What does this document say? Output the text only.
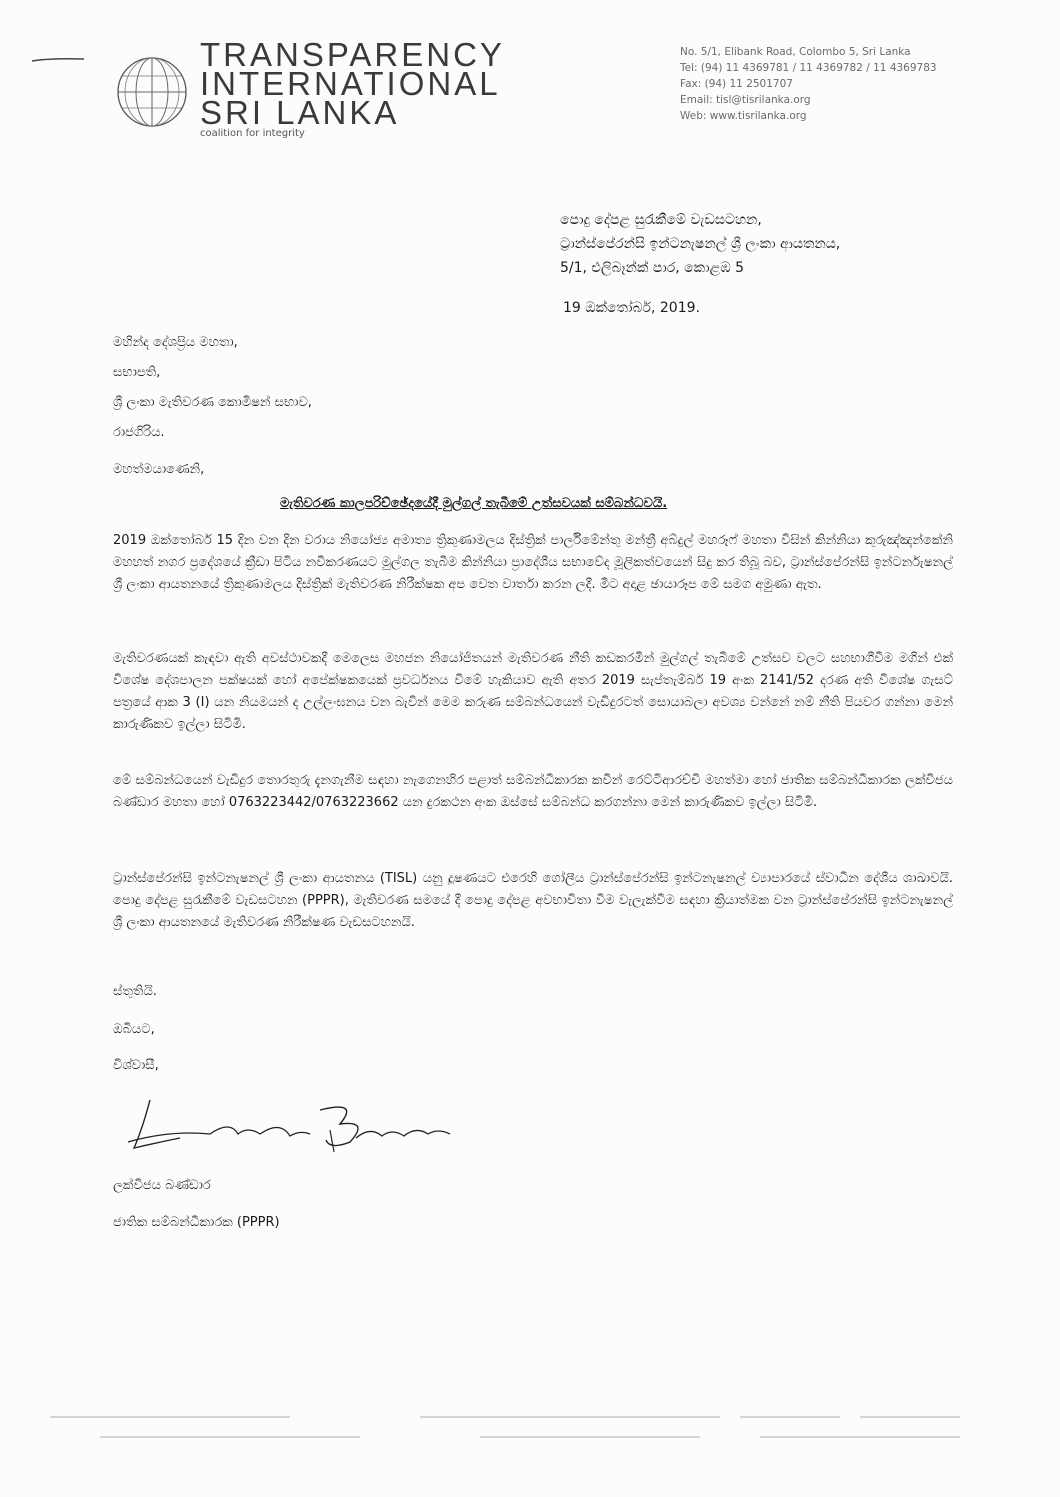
TRANSPARENCY
INTERNATIONAL
SRI LANKA
coalition for integrity
No. 5/1, Elibank Road, Colombo 5, Sri Lanka
Tel: (94) 11 4369781 / 11 4369782 / 11 4369783
Fax: (94) 11 2501707
Email: tisl@tisrilanka.org
Web: www.tisrilanka.org
පොදු දේපළ සුරැකීමේ වැඩසටහන,
ට්‍රාන්ස්පේරන්සි ඉන්ටනැෂනල් ශ්‍රී ලංකා ආයතනය,
5/1, එලිබෑන්ක් පාර, කොළඹ 5
19 ඔක්තෝබර්, 2019.
මහින්ද දේශප්‍රිය මහතා,
සභාපති,
ශ්‍රී ලංකා මැතිවරණ කොමිෂන් සභාව,
රාජගිරිය.
මහත්මයාණෙනි,
මැතිවරණ කාලපරිච්ඡේදයේදී මුල්ගල් තැබීමේ උත්සවයක් සම්බන්ධවයි.
2019 ඔක්තෝබර් 15 දින වන දින වරාය නියෝජ්‍ය අමාත්‍ය ත්‍රිකුණාමලය දිස්ත්‍රික් පාර්ලිමේන්තු මන්ත්‍රී අබ්දුල් මහරූෆ් මහතා විසින් කින්නියා කුරුඤ්ඤන්කේනි මහහත් නගර ප්‍රදේශයේ ක්‍රීඩා පිටිය නවීකරණයට මුල්ගල තැබීම කින්නියා ප්‍රාදේශීය සභාවේද මූලිකත්වයෙන් සිදු කර තිබූ බව, ට්‍රාන්ස්පේරන්සි ඉන්ටර්නැෂනල් ශ්‍රී ලංකා ආයතනයේ ත්‍රිකුණාමලය දිස්ත්‍රික් මැතිවරණ නිරීක්ෂක අප වෙත වාර්තා කරන ලදී. මීට අදාළ ඡායාරූප මේ සමග අමුණා ඇත.
මැතිවරණයක් කැඳවා ඇති අවස්ථාවකදී මෙලෙස මහජන නියෝජිතයන් මැතිවරණ නීති කඩකරමින් මුල්ගල් තැබීමේ උත්සව වලට සහභාගීවීම මගින් එක් විශේෂ දේශපාලන පක්ෂයක් හෝ අපේක්ෂකයෙක් ප්‍රවර්ධනය වීමේ හැකියාව ඇති අතර 2019 සැප්තැම්බර් 19 අංක 2141/52 දරණ අති විශේෂ ගැසට් පත්‍රයේ ආක 3 (I) යන නියමයන් ද උල්ලංඝනය වන බැවින් මෙම කරුණ සම්බන්ධයෙන් වැඩිදුරටත් සොයාබලා අවශ්‍ය වන්නේ නම් නීති පියවර ගන්නා මෙන් කාරුණිකව ඉල්ලා සිටිමි.
මේ සම්බන්ධයෙන් වැඩිදුර තොරතුරු දැනගැනීම සඳහා නැගෙනහිර පළාත් සම්බන්ධීකාරක කවීන් රෙට්ටිආරච්චි මහත්මා හෝ ජාතික සම්බන්ධීකාරක ලක්විජය බණ්ඩාර මහතා හෝ 0763223442/0763223662 යන දුරකථන අංක ඔස්සේ සම්බන්ධ කරගන්නා මෙන් කාරුණිකව ඉල්ලා සිටිමි.
ට්‍රාන්ස්පේරන්සි ඉන්ටනැෂනල් ශ්‍රී ලංකා ආයතනය (TISL) යනු දූෂණයට එරෙහි ගෝලීය ට්‍රාන්ස්පේරන්සි ඉන්ටනැෂනල් ව්‍යාපාරයේ ස්වාධීන දේශීය ශාඛාවයි. පොදු දේපළ සුරැකීමේ වැඩසටහන (PPPR), මැතිවරණ සමයේ දී පොදු දේපළ අවභාවිතා වීම වැලැක්වීම සඳහා ක්‍රියාත්මක වන ට්‍රාන්ස්පේරන්සි ඉන්ටනැෂනල් ශ්‍රී ලංකා ආයතනයේ මැතිවරණ නිරීක්ෂණ වැඩසටහනයි.
ස්තුතියි.
ඔබියට,
විශ්වාසී,
ලක්විජය බණ්ඩාර
ජාතික සම්බන්ධීකාරක (PPPR)
